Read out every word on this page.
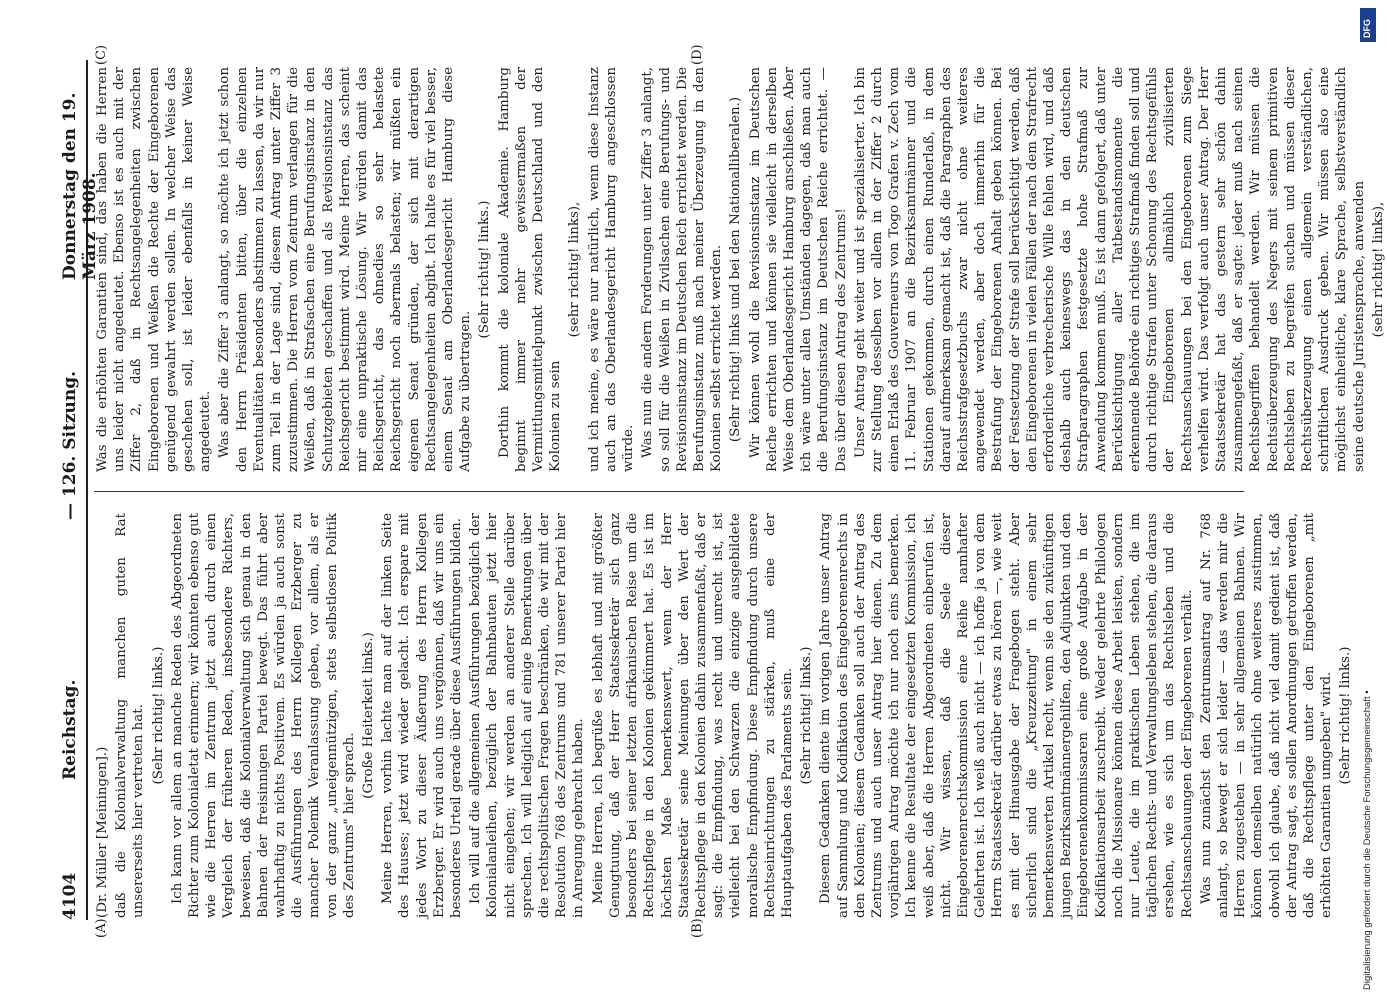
4104
Reichstag.
— 126. Sitzung.
Donnerstag den 19. März 1908.
(A)	(B)
(C)	(D)

(Dr. Müller [Meiningen].) daß die Kolonialverwaltung manchen guten Rat unsererseits hier vertreten hat. (Sehr richtig! links.) Ich kann vor allem an manche Reden des Abgeordneten Richter zum Kolonialetat erinnern; wir könnten ebenso gut wie die Herren im Zentrum jetzt auch durch einen Vergleich der früheren Reden, insbesondere Richters, beweisen, daß die Kolonialverwaltung sich genau in den Bahnen der freisinnigen Partei bewegt. Das führt aber wahrhaftig zu nichts Positivem. Es würden ja auch sonst die Ausführungen des Herrn Kollegen Erzberger zu mancher Polemik Veranlassung geben, vor allem, als er von der ganz „uneigennützigen, stets selbstlosen Politik des Zentrums" hier sprach.

(Große Heiterkeit links.) Meine Herren, vorhin lachte man auf der linken Seite des Hauses; jetzt wird wieder gelacht. Ich erspare mit jedes Wort zu dieser Äußerung des Herrn Kollegen Erzberger. Er wird auch uns vergönnen, daß wir uns ein besonderes Urteil gerade über diese Ausführungen bilden. Ich will auf die allgemeinen Ausführungen bezüglich der Kolonialanleihen, bezüglich der Bahnbauten jetzt hier nicht eingehen; wir werden an anderer Stelle darüber sprechen. Ich will lediglich auf einige Bemerkungen über die rechtspolitischen Fragen beschränken, die wir mit der Resolution 768 des Zentrums und 781 unserer Partei hier in Anregung gebracht haben. Meine Herren, ich begrüße es lebhaft und mit größter Genugtuung, daß der Herr Staatssekretär sich ganz besonders bei seiner letzten afrikanischen Reise um die Rechtspflege in den Kolonien gekümmert hat. Es ist im höchsten Maße bemerkenswert, wenn der Herr Staatssekretär seine Meinungen über den Wert der Rechtspflege in den Kolonien dahin zusammenfaßt, daß er sagt: die Empfindung, was recht und unrecht ist, ist vielleicht bei den Schwarzen die einzige ausgebildete moralische Empfindung. Diese Empfindung durch unsere Rechtseinrichtungen zu stärken, muß eine der Hauptaufgaben des Parlaments sein. (Sehr richtig! links.) Diesem Gedanken diente im vorigen Jahre unser Antrag auf Sammlung und Kodifikation des Eingeborenenrechts in den Kolonien; diesem Gedanken soll auch der Antrag des Zentrums und auch unser Antrag hier dienen. Zu dem vorjährigen Antrag möchte ich nur noch eins bemerken. Ich kenne die Resultate der eingesetzten Kommission, ich weiß aber, daß die Herren Abgeordneten einberufen ist, nicht. Wir wissen, daß die Seele dieser Eingeborenenrechtskommission eine Reihe namhafter Gelehrten ist. Ich weiß auch nicht — ich hoffe ja von dem Herrn Staatssekretär darüber etwas zu hören —, wie weit es mit der Hinausgabe der Fragebogen steht. Aber sicherlich sind die „Kreuzzeitung" in einem sehr bemerkenswerten Artikel recht, wenn sie den zukünftigen jungen Bezirksamtmännergehilfen, den Adjunkten und den Eingeborenenkommissaren eine große Aufgabe in der Kodifikationsarbeit zuschreibt. Weder gelehrte Philologen noch die Missionare können diese Arbeit leisten, sondern nur Leute, die im praktischen Leben stehen, die im täglichen Rechts- und Verwaltungsleben stehen, die daraus ersehen, wie es sich um das Rechtsleben und die Rechtsanschauungen der Eingeborenen verhält. Was nun zunächst den Zentrumsantrag auf Nr. 768 anlangt, so bewegt er sich leider — das werden mir die Herren zugestehen — in sehr allgemeinen Bahnen. Wir können demselben natürlich ohne weiteres zustimmen, obwohl ich glaube, daß nicht viel damit gedient ist, daß der Antrag sagt, es sollen Anordnungen getroffen werden, daß die Rechtspflege unter den Eingeborenen „mit erhöhten Garantien umgeben" wird. (Sehr richtig! links.)

Was die erhöhten Garantien sind, das haben die Herren uns leider nicht angedeutet. Ebenso ist es auch mit der Ziffer 2, daß in Rechtsangelegenheiten zwischen Eingeborenen und Weißen die Rechte der Eingeborenen genügend gewahrt werden sollen. In welcher Weise das geschehen soll, ist leider ebenfalls in keiner Weise angedeutet. Was aber die Ziffer 3 anlangt, so möchte ich jetzt schon den Herrn Präsidenten bitten, über die einzelnen Eventualitäten besonders abstimmen zu lassen, da wir nur zum Teil in der Lage sind, diesem Antrag unter Ziffer 3 zuzustimmen. Die Herren vom Zentrum verlangen für die Weißen, daß in Strafsachen eine Berufungsinstanz in den Schutzgebieten geschaffen und als Revisionsinstanz das Reichsgericht bestimmt wird. Meine Herren, das scheint mir eine unpraktische Lösung. Wir würden damit das Reichsgericht, das ohnedies so sehr belastete Reichsgericht noch abermals belasten; wir müßten ein eigenen Senat gründen, der sich mit derartigen Rechtsangelegenheiten abgibt. Ich halte es für viel besser, einem Senat am Oberlandesgericht Hamburg diese Aufgabe zu übertragen.

(Sehr richtig! links.) Dorthin kommt die koloniale Akademie. Hamburg beginnt immer mehr gewissermaßen der Vermittlungsmittelpunkt zwischen Deutschland und den Kolonien zu sein

(sehr richtig! links), und ich meine, es wäre nur natürlich, wenn diese Instanz auch an das Oberlandesgericht Hamburg angeschlossen würde. Was nun die andern Forderungen unter Ziffer 3 anlangt, so soll für die Weißen in Zivilsachen eine Berufungs- und Revisionsinstanz im Deutschen Reich errichtet werden. Die Berufungsinstanz muß nach meiner Überzeugung in den Kolonien selbst errichtet werden. (Sehr richtig! links und bei den Nationalliberalen.) Wir können wohl die Revisionsinstanz im Deutschen Reiche errichten und können sie vielleicht in derselben Weise dem Oberlandesgericht Hamburg anschließen. Aber ich wäre unter allen Umständen dagegen, daß man auch die Berufungsinstanz im Deutschen Reiche errichtet. — Das über diesen Antrag des Zentrums! Unser Antrag geht weiter und ist spezialisierter. Ich bin zur Stellung desselben vor allem in der Ziffer 2 durch einen Erlaß des Gouverneurs von Togo Grafen v. Zech vom 11. Februar 1907 an die Bezirksamtmänner und die Stationen gekommen, durch einen Runderlaß, in dem darauf aufmerksam gemacht ist, daß die Paragraphen des Reichsstrafgesetzbuchs zwar nicht ohne weiteres angewendet werden, aber doch immerhin für die Bestrafung der Eingeborenen Anhalt geben können. Bei der Festsetzung der Strafe soll berücksichtigt werden, daß den Eingeborenen in vielen Fällen der nach dem Strafrecht erforderliche verbrecherische Wille fehlen wird, und daß deshalb auch keineswegs das in den deutschen Strafparagraphen festgesetzte hohe Strafmaß zur Anwendung kommen muß. Es ist dann gefolgert, daß unter Berücksichtigung aller Tatbestandsmomente die erkennende Behörde ein richtiges Strafmaß finden soll und durch richtige Strafen unter Schonung des Rechtsgefühls der Eingeborenen allmählich zivilisierten Rechtsanschauungen bei den Eingeborenen zum Siege verhelfen wird. Das verfolgt auch unser Antrag. Der Herr Staatssekretär hat das gestern sehr schön dahin zusammengefaßt, daß er sagte: jeder muß nach seinen Rechtsbegriffen behandelt werden. Wir müssen die Rechtsüberzeugung des Negers mit seinem primitiven Rechtsleben zu begreifen suchen und müssen dieser Rechtsüberzeugung einen allgemein verständlichen, schriftlichen Ausdruck geben. Wir müssen also eine möglichst einheitliche, klare Sprache, selbstverständlich seine deutsche Juristensprache, anwenden (sehr richtig! links),

Digitalisierung gefördert durch die Deutsche Forschungsgemeinschaft •
DFG
